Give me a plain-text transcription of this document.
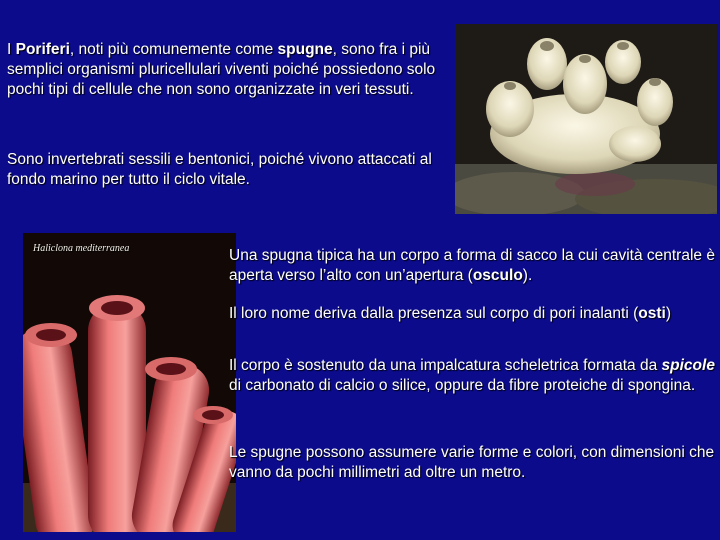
I Poriferi, noti più comunemente come spugne, sono fra i più semplici organismi pluricellulari viventi poiché possiedono solo pochi tipi di cellule che non sono organizzate in veri tessuti.
Sono invertebrati sessili e bentonici, poiché vivono attaccati al fondo marino per tutto il ciclo vitale.
Haliclona mediterranea	Una spugna tipica ha un corpo a forma di sacco la cui cavità centrale è aperta verso l’alto con un’apertura (osculo).
Il loro nome deriva dalla presenza sul corpo di pori inalanti (osti)
Il corpo è sostenuto da una impalcatura scheletrica formata da spicole di carbonato di calcio o silice, oppure da fibre proteiche di spongina.
Le spugne possono assumere varie forme e colori, con dimensioni che vanno da pochi millimetri ad oltre un metro.
